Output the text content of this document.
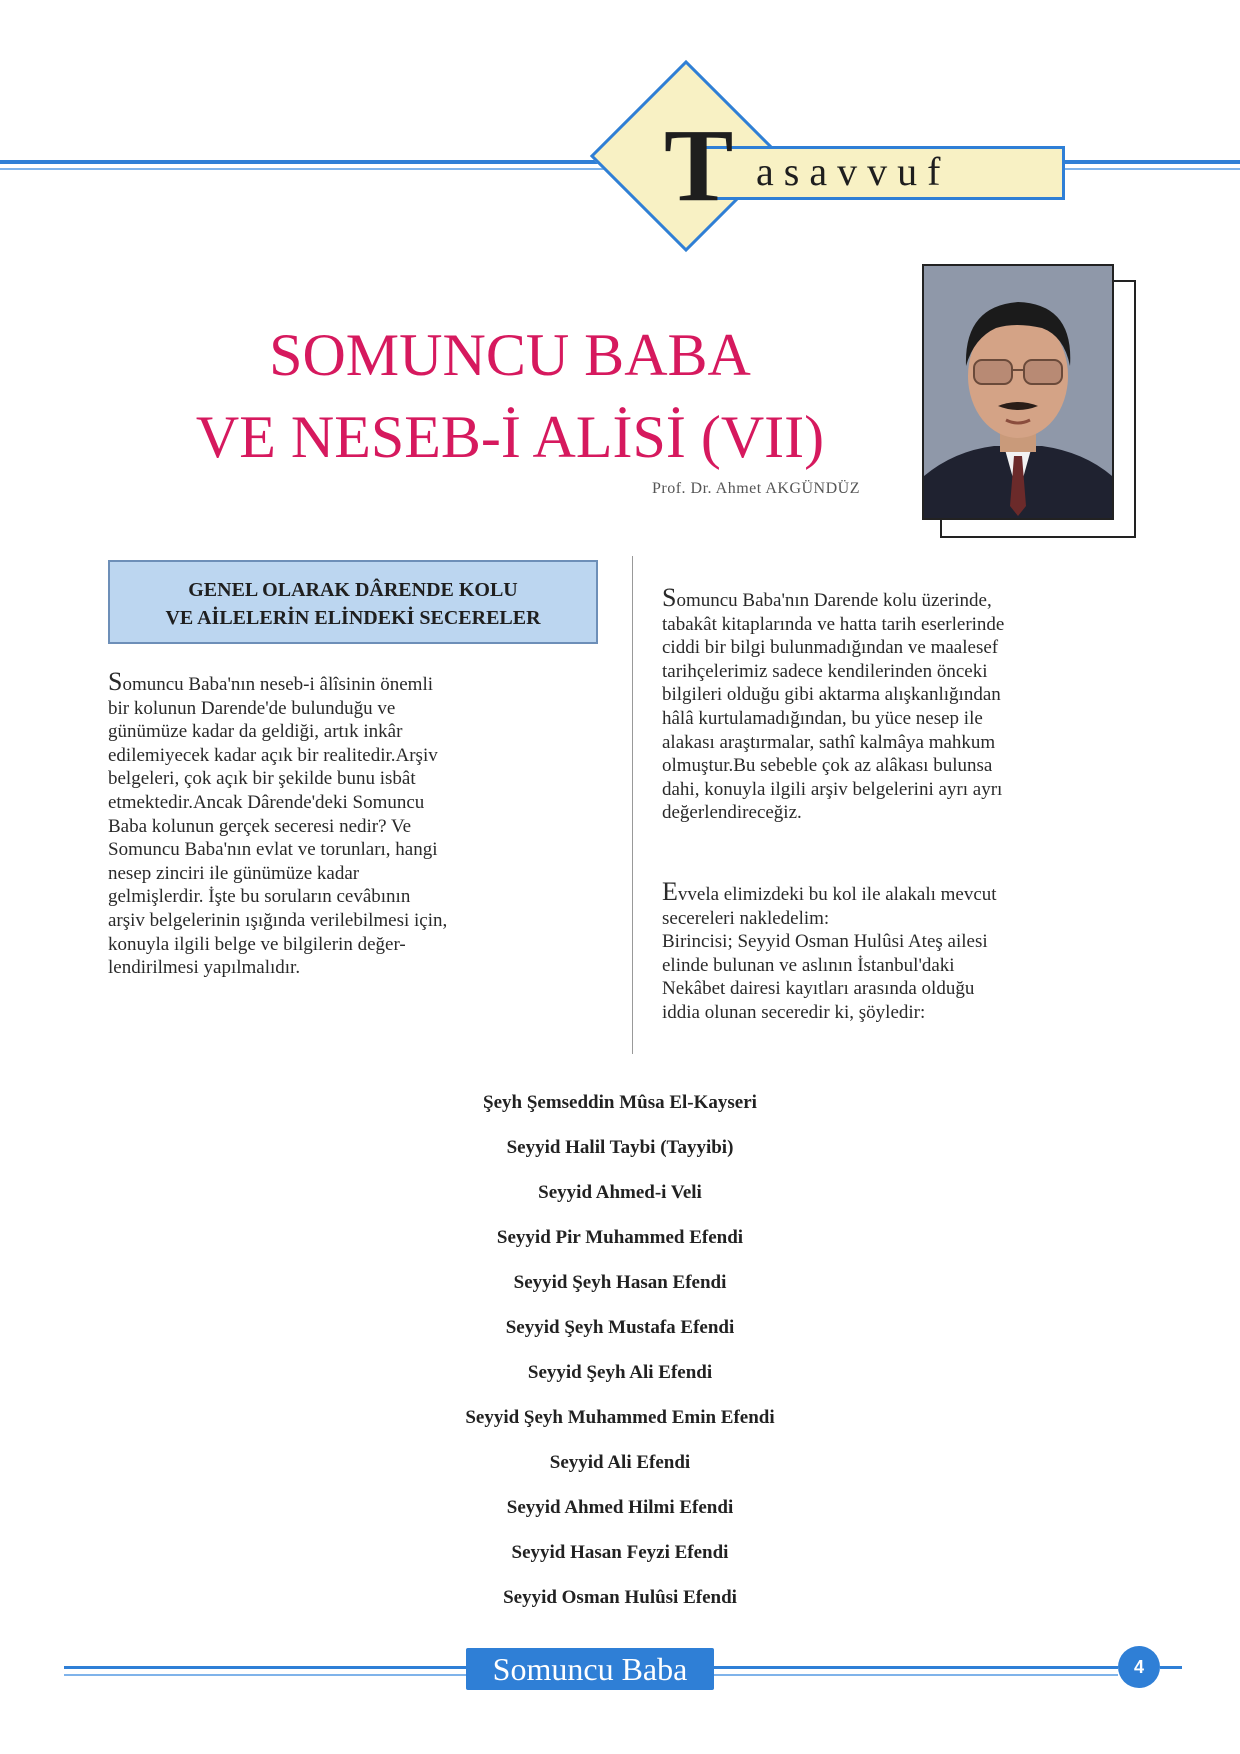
T asavvuf
SOMUNCU BABA
VE NESEB-İ ALİSİ (VII)
Prof. Dr. Ahmet AKGÜNDÜZ
GENEL OLARAK DÂRENDE KOLU
VE AİLELERİN ELİNDEKİ SECERELER
Somuncu Baba'nın neseb-i âlîsinin önemli
bir kolunun Darende'de bulunduğu ve
günümüze kadar da geldiği, artık inkâr
edilemiyecek kadar açık bir realitedir.Arşiv
belgeleri, çok açık bir şekilde bunu isbât
etmektedir.Ancak Dârende'deki Somuncu
Baba kolunun gerçek seceresi nedir? Ve
Somuncu Baba'nın evlat ve torunları, hangi
nesep zinciri ile günümüze kadar
gelmişlerdir. İşte bu soruların cevâbının
arşiv belgelerinin ışığında verilebilmesi için,
konuyla ilgili belge ve bilgilerin değer-
lendirilmesi yapılmalıdır.
Somuncu Baba'nın Darende kolu üzerinde,
tabakât kitaplarında ve hatta tarih eserlerinde
ciddi bir bilgi bulunmadığından ve maalesef
tarihçelerimiz sadece kendilerinden önceki
bilgileri olduğu gibi aktarma alışkanlığından
hâlâ kurtulamadığından, bu yüce nesep ile
alakası araştırmalar, sathî kalmâya mahkum
olmuştur.Bu sebeble çok az alâkası bulunsa
dahi, konuyla ilgili arşiv belgelerini ayrı ayrı
değerlendireceğiz.
Evvela elimizdeki bu kol ile alakalı mevcut
secereleri nakledelim:
Birincisi; Seyyid Osman Hulûsi Ateş ailesi
elinde bulunan ve aslının İstanbul'daki
Nekâbet dairesi kayıtları arasında olduğu
iddia olunan seceredir ki, şöyledir:
Şeyh Şemseddin Mûsa El-Kayseri
Seyyid Halil Taybi (Tayyibi)
Seyyid Ahmed-i Veli
Seyyid Pir Muhammed Efendi
Seyyid Şeyh Hasan Efendi
Seyyid Şeyh Mustafa Efendi
Seyyid Şeyh Ali Efendi
Seyyid Şeyh Muhammed Emin Efendi
Seyyid Ali Efendi
Seyyid Ahmed Hilmi Efendi
Seyyid Hasan Feyzi Efendi
Seyyid Osman Hulûsi Efendi
Somuncu Baba	4
